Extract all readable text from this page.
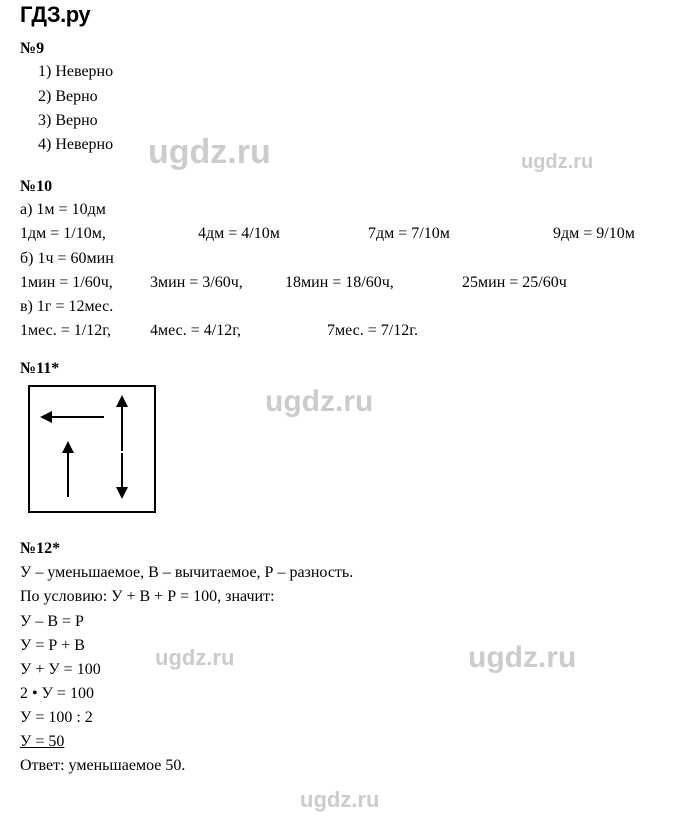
ГДЗ.ру
№9
1) Неверно
2) Верно
3) Верно
4) Неверно
№10
а) 1м = 10дм
1дм = 1/10м,	4дм = 4/10м	7дм = 7/10м	9дм = 9/10м
б) 1ч = 60мин
1мин = 1/60ч, 3мин = 3/60ч,	18мин = 18/60ч,	25мин = 25/60ч
в) 1г = 12мес.
1мес. = 1/12г, 4мес. = 4/12г,	7мес. = 7/12г.
№11*
№12*
У – уменьшаемое, В – вычитаемое, Р – разность.
По условию: У + В + Р = 100, значит:
У – В = Р
У = Р + В
У + У = 100
2 • У = 100
У = 100 : 2
У = 50
Ответ: уменьшаемое 50.
ugdz.ru	ugdz.ru
ugdz.ru
ugdz.ru	ugdz.ru
ugdz.ru
